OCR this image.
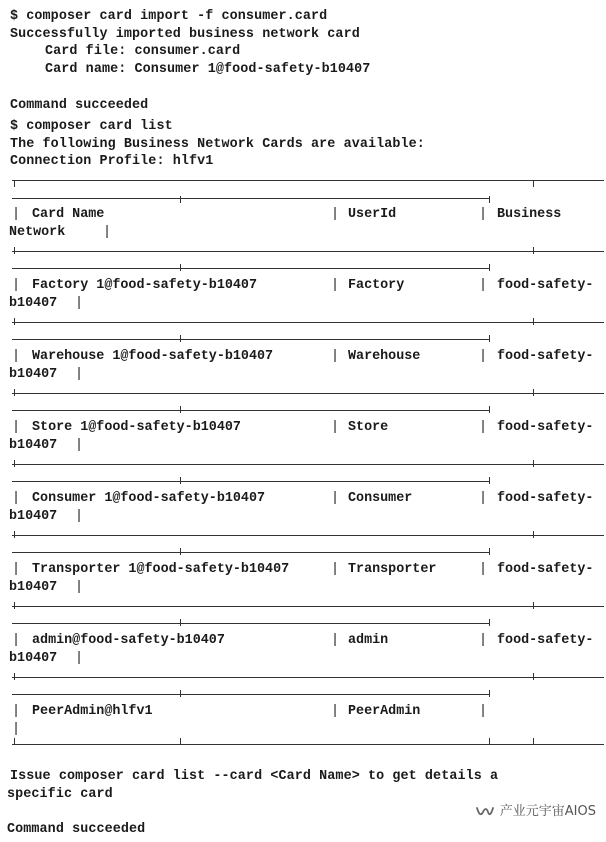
$ composer card import -f consumer.card
Successfully imported business network card
Card file: consumer.card
Card name: Consumer 1@food-safety-b10407
Command succeeded
$ composer card list
The following Business Network Cards are available:
Connection Profile: hlfv1
| Card Name	| UserId	| Business
Network	|
| Factory 1@food-safety-b10407	| Factory	| food-safety-
b10407 |
| Warehouse 1@food-safety-b10407	| Warehouse	| food-safety-
b10407 |
| Store 1@food-safety-b10407	| Store	| food-safety-
b10407 |
| Consumer 1@food-safety-b10407	| Consumer	| food-safety-
b10407 |
| Transporter 1@food-safety-b10407	| Transporter	| food-safety-
b10407 |
| admin@food-safety-b10407	| admin	| food-safety-
b10407 |
| PeerAdmin@hlfv1	| PeerAdmin	|
|
Issue composer card list --card <Card Name> to get details a
specific card
Command succeeded
产业元宇宙AIOS
